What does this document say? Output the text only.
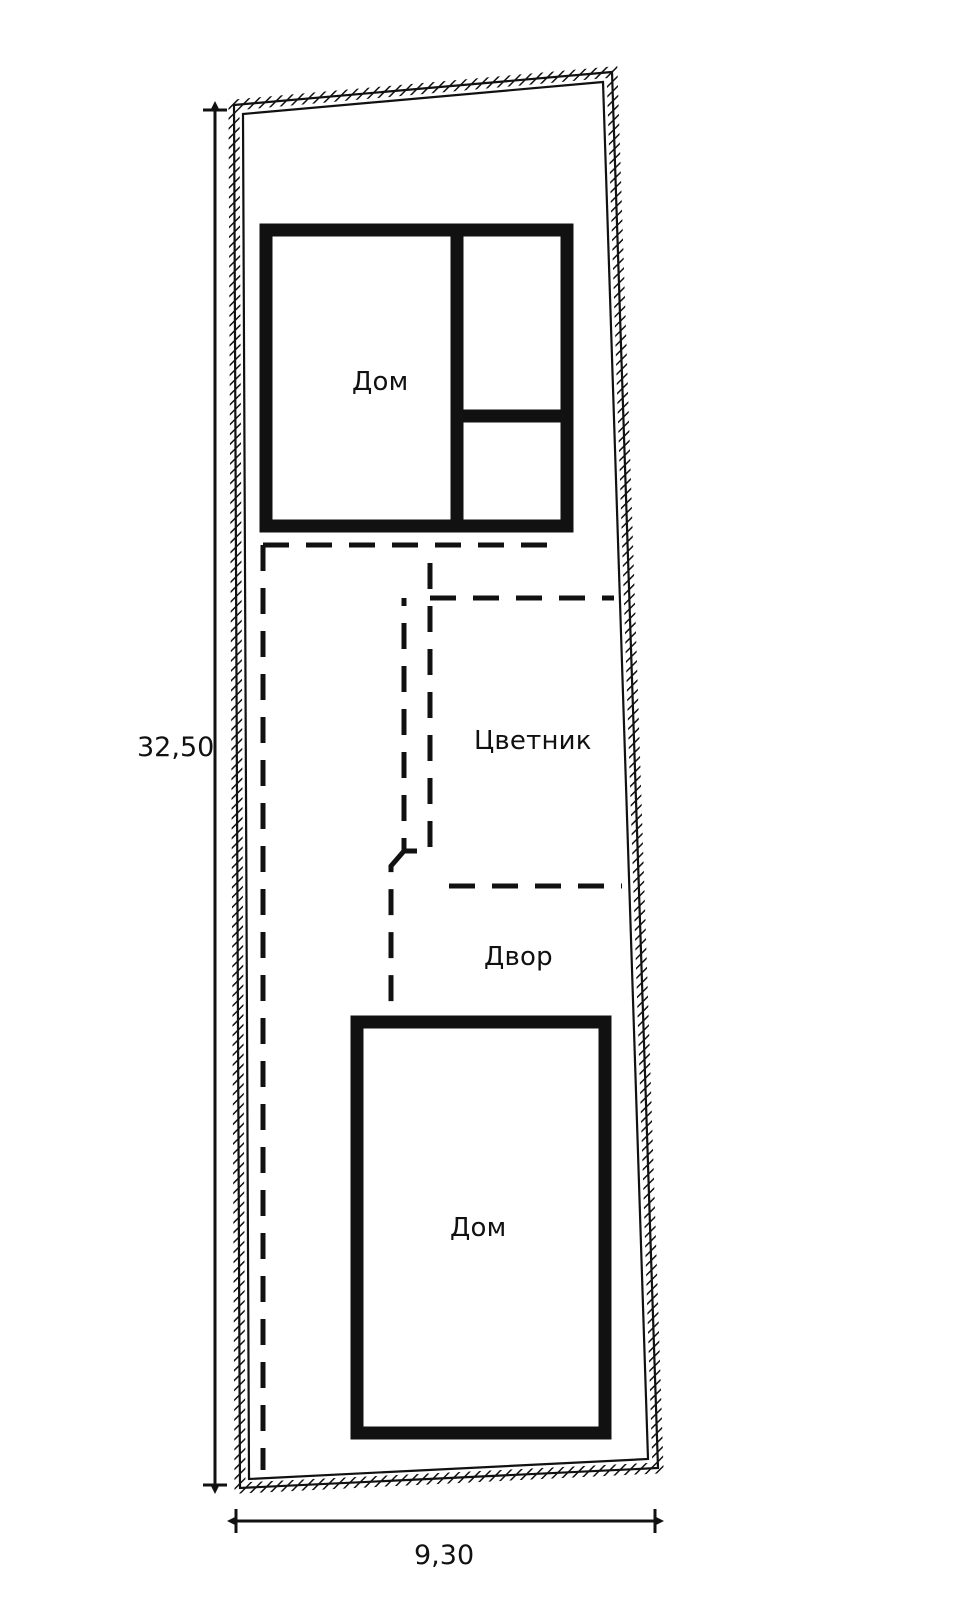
Дом
Цветник
Двор
Дом
32,50
9,30
